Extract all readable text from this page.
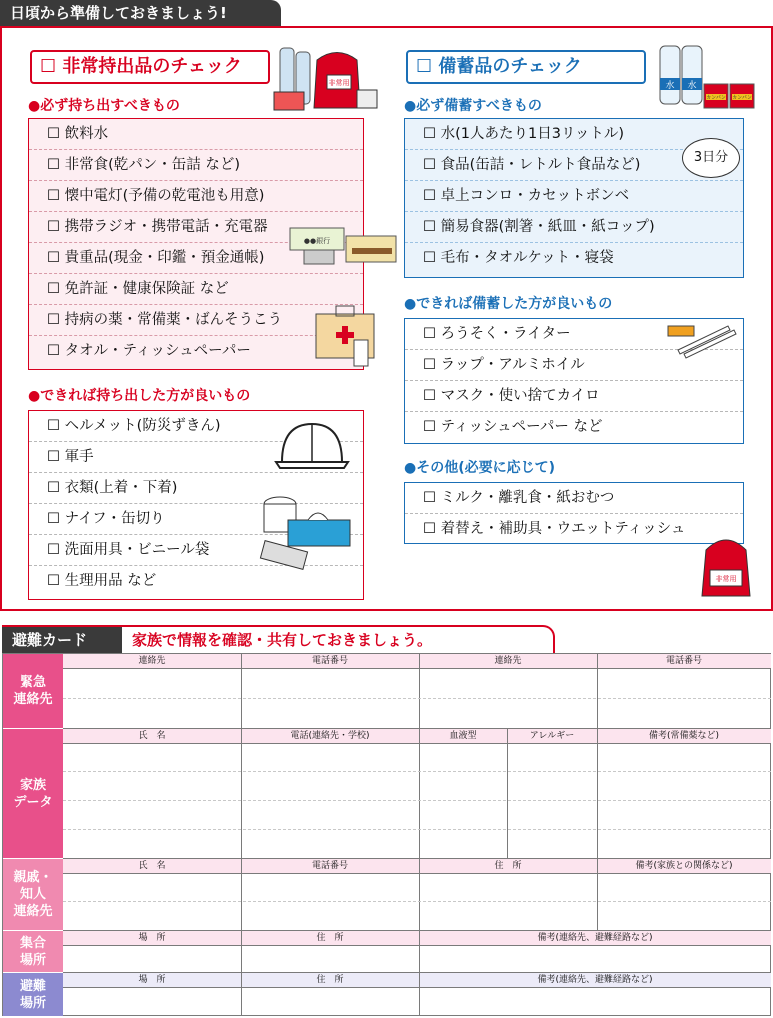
日頃から準備しておきましょう!
☐ 非常持出品のチェック
非常用
●必ず持ち出すべきもの
☐ 飲料水
☐ 非常食(乾パン・缶詰 など)
☐ 懐中電灯(予備の乾電池も用意)
☐ 携帯ラジオ・携帯電話・充電器
☐ 貴重品(現金・印鑑・預金通帳)
☐ 免許証・健康保険証 など
☐ 持病の薬・常備薬・ばんそうこう
☐ タオル・ティッシュペーパー
●●銀行
●できれば持ち出した方が良いもの
☐ ヘルメット(防災ずきん)
☐ 軍手
☐ 衣類(上着・下着)
☐ ナイフ・缶切り
☐ 洗面用具・ビニール袋
☐ 生理用品 など
☐ 備蓄品のチェック
水 水
カンパン カンパン
●必ず備蓄すべきもの
☐ 水(1人あたり1日3リットル)
☐ 食品(缶詰・レトルト食品など)
☐ 卓上コンロ・カセットボンベ
☐ 簡易食器(割箸・紙皿・紙コップ)
☐ 毛布・タオルケット・寝袋
3日分
●できれば備蓄した方が良いもの
☐ ろうそく・ライター
☐ ラップ・アルミホイル
☐ マスク・使い捨てカイロ
☐ ティッシュペーパー など
●その他(必要に応じて)
☐ ミルク・離乳食・紙おむつ
☐ 着替え・補助具・ウエットティッシュ
非常用
避難カード	家族で情報を確認・共有しておきましょう。
緊急
連絡先
家族
データ
親戚・
知人
連絡先
集合
場所
避難
場所
連絡先	電話番号	連絡先	電話番号
氏　名	電話(連絡先・学校)	血液型	アレルギー	備考(常備薬など)
氏　名	電話番号	住　所	備考(家族との関係など)
場　所	住　所	備考(連絡先、避難経路など)
場　所	住　所	備考(連絡先、避難経路など)
